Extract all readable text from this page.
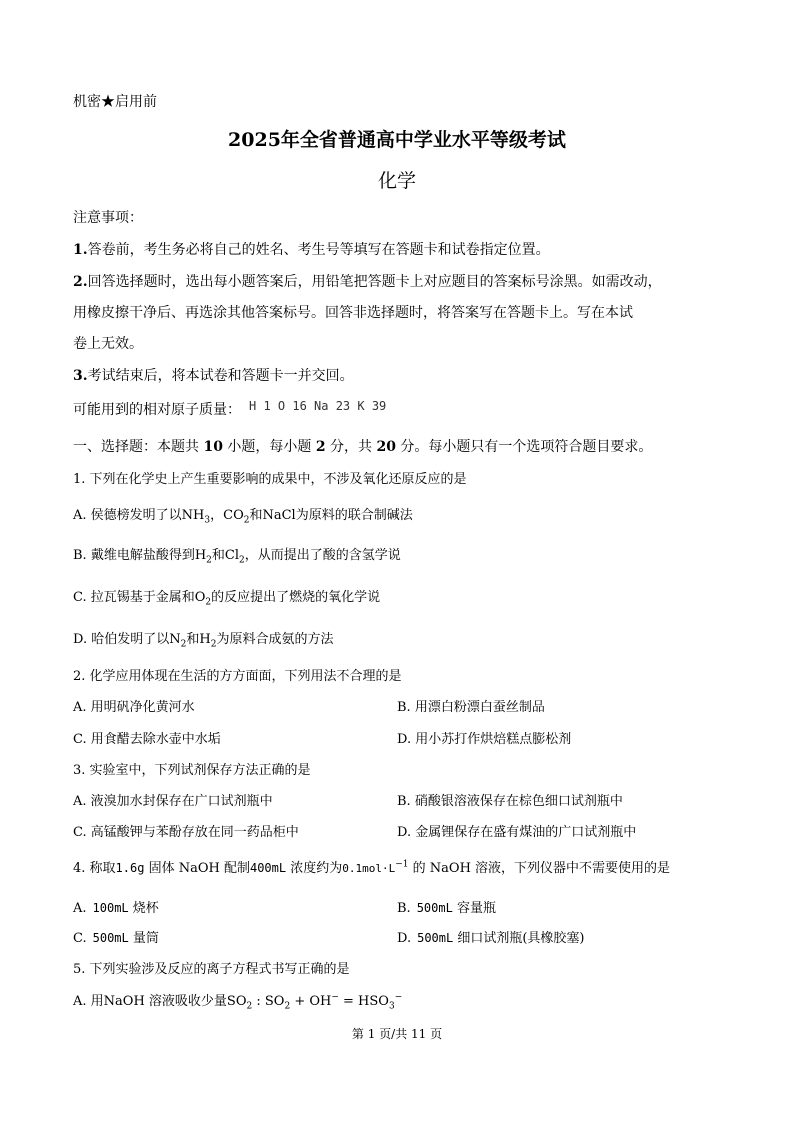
机密★启用前
2025年全省普通高中学业水平等级考试
化学
注意事项：
1.答卷前，考生务必将自己的姓名、考生号等填写在答题卡和试卷指定位置。
2.回答选择题时，选出每小题答案后，用铅笔把答题卡上对应题目的答案标号涂黑。如需改动，
用橡皮擦干净后、再选涂其他答案标号。回答非选择题时，将答案写在答题卡上。写在本试
卷上无效。
3.考试结束后，将本试卷和答题卡一并交回。
可能用到的相对原子质量： H 1 O 16 Na 23 K 39
一、选择题：本题共 10 小题，每小题 2 分，共 20 分。每小题只有一个选项符合题目要求。
1. 下列在化学史上产生重要影响的成果中，不涉及氧化还原反应的是
A. 侯德榜发明了以$NH_3$，$CO_2$和NaCl为原料的联合制碱法
B. 戴维电解盐酸得到$H_2$和$Cl_2$，从而提出了酸的含氢学说
C. 拉瓦锡基于金属和$O_2$的反应提出了燃烧的氧化学说
D. 哈伯发明了以$N_2$和$H_2$为原料合成氨的方法
2. 化学应用体现在生活的方方面面，下列用法不合理的是
A. 用明矾净化黄河水	B. 用漂白粉漂白蚕丝制品
C. 用食醋去除水壶中水垢	D. 用小苏打作烘焙糕点膨松剂
3. 实验室中，下列试剂保存方法正确的是
A. 液溴加水封保存在广口试剂瓶中	B. 硝酸银溶液保存在棕色细口试剂瓶中
C. 高锰酸钾与苯酚存放在同一药品柜中	D. 金属锂保存在盛有煤油的广口试剂瓶中
4. 称取1.6g 固体 NaOH 配制400mL 浓度约为$0.1mol\cdot L^{-1}$ 的 NaOH 溶液，下列仪器中不需要使用的是
A. 100mL 烧杯	B. 500mL 容量瓶
C. 500mL 量筒	D. 500mL 细口试剂瓶(具橡胶塞)
5. 下列实验涉及反应的离子方程式书写正确的是
A. 用NaOH 溶液吸收少量$SO_2$ : $SO_2 + OH^- = HSO_3^-$
第 1 页/共 11 页
